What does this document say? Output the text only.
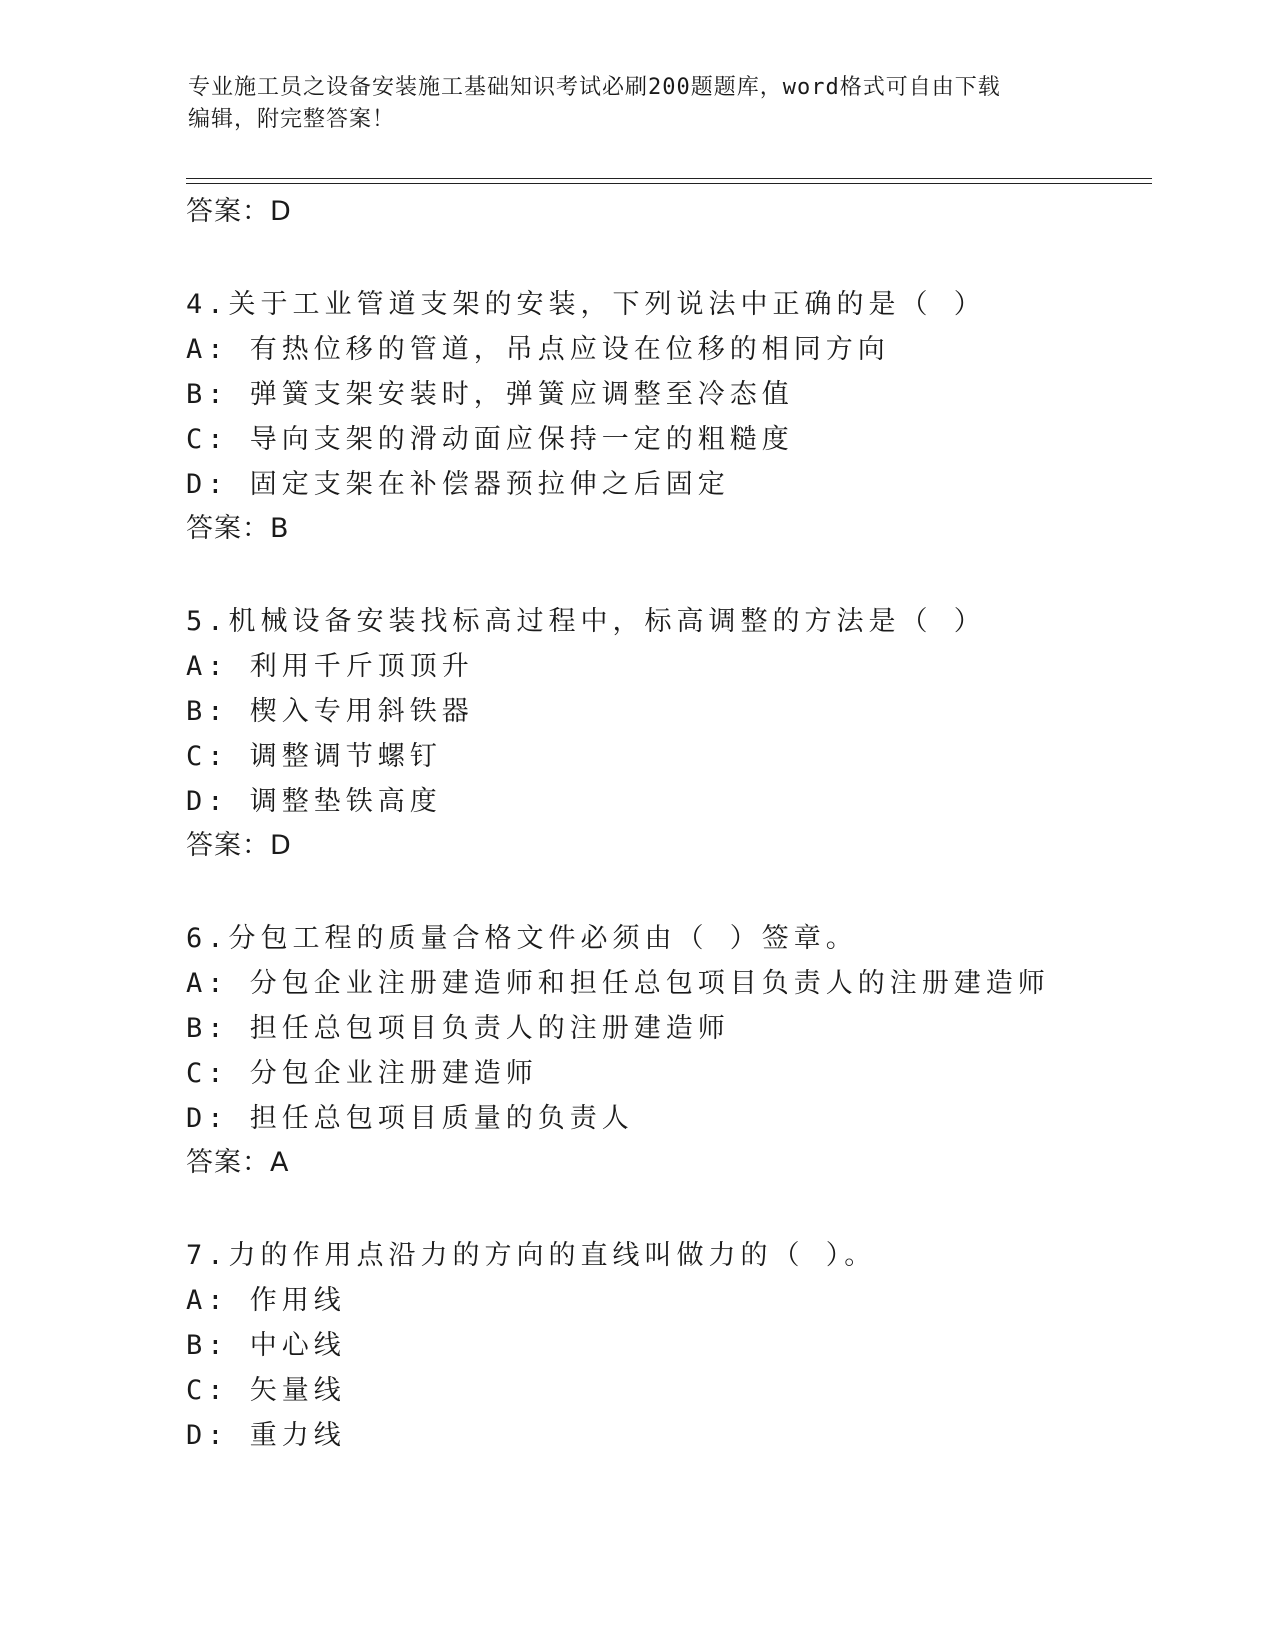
专业施工员之设备安装施工基础知识考试必刷200题题库，word格式可自由下载
编辑，附完整答案！

答案：D

4.关于工业管道支架的安装，下列说法中正确的是（ ）

A: 有热位移的管道，吊点应设在位移的相同方向

B: 弹簧支架安装时，弹簧应调整至冷态值

C: 导向支架的滑动面应保持一定的粗糙度

D: 固定支架在补偿器预拉伸之后固定

答案：B

5.机械设备安装找标高过程中，标高调整的方法是（ ）

A: 利用千斤顶顶升

B: 楔入专用斜铁器

C: 调整调节螺钉

D: 调整垫铁高度

答案：D

6.分包工程的质量合格文件必须由（ ）签章。

A: 分包企业注册建造师和担任总包项目负责人的注册建造师

B: 担任总包项目负责人的注册建造师

C: 分包企业注册建造师

D: 担任总包项目质量的负责人

答案：A

7.力的作用点沿力的方向的直线叫做力的（ ）。

A: 作用线

B: 中心线

C: 矢量线

D: 重力线
